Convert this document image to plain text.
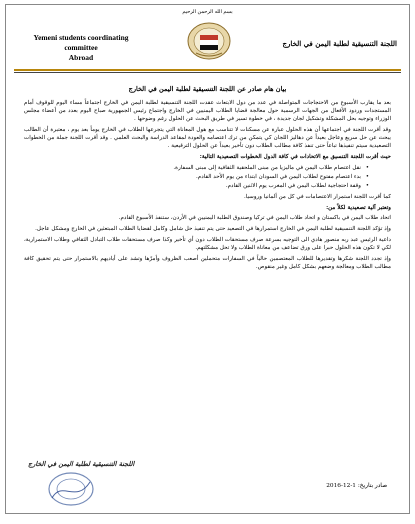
بسم الله الرحمن الرحيم
Yemeni students coordinating committee
Abroad
اللجنة التنسيقية لطلبة اليمن في الخارج
بيان هام صادر عن اللجنة التنسيقية لطلبة اليمن في الخارج

بعد ما يقارب الأسبوع من الاحتجاجات المتواصلة في عدد من دول الابتعاث عقدت اللجنة التنسيقية لطلبة اليمن في الخارج اجتماعاً مساء اليوم للوقوف أمام المستجدات وردود الأفعال من الجهات الرسمية حول معالجة قضايا الطلاب اليمنيين في الخارج واجتماع رئيس الجمهورية صباح اليوم بعدد من أعضاء مجلس الوزراء وتوجيه بحل المشكلة وتشكيل لجان جديدة ، في خطوة تسير في طريق البحث عن الحلول رغم وضوحها .

وقد أقرت اللجنة في اجتماعها أن هذه الحلول عبارة عن مسكنات لا تتناسب مع هول المعاناة التي يتجرعها الطلاب في الخارج يوماً بعد يوم ، معتبرة أن الطالب يبحث عن حل سريع وعاجل بعيداً عن دهاليز اللجان كي يتمكن من ترك اعتصامه والعودة لمقاعد الدراسة والبحث العلمي . وقد أقرت اللجنة جملة من الخطوات التصعيدية سيتم تنفيذها تباعاً حتى تنفذ كافة مطالب الطلاب دون تأخير بعيداً عن الحلول الترقيعية .

حيث أقرت اللجنة التنسيق مع الاتحادات في كافة الدول الخطوات التصعيدية التالية:

• نقل اعتصام طلاب اليمن في ماليزيا من مبنى الملحقية الثقافية إلى مبنى السفارة.
• بدء اعتصام مفتوح لطلاب اليمن في السودان ابتداء من يوم الأحد القادم.
• وقفة احتجاجية لطلاب اليمن في المغرب يوم الاثنين القادم.

كما أقرت اللجنة استمرار الاعتصامات في كل من ألمانيا وروسيا.

وتعتبر آلية تصعيدية لكلاً من:

اتحاد طلاب اليمن في باكستان و اتحاد طلاب اليمن في تركيا وصندوق الطلبة اليمنيين في الأردن، ستنفذ الأسبوع القادم.

وإذ تؤكد اللجنة التنسيقية لطلبة اليمن في الخارج استمرارها في التصعيد حتى يتم تنفيذ حل شامل وكامل لقضايا الطلاب المبتعثين في الخارج ومشكل عاجل.

داعية الرئيس عبد ربه منصور هادي الى التوجيه بسرعة صرف مستحقات الطلاب دون أي تأخير وكذا صرف مستحقات طلاب التبادل الثقافي وطلاب الاستمرارية، لكي لا تكون هذه الحلول حبرا على ورق تضاعف من معاناة الطلاب ولا تحل مشكلتهم.

وإذ تجدد اللجنة شكرها وتقديرها للطلاب المعتصمين حالياً في السفارات متحملين أصعب الظروف وأمرّها وتشد على أياديهم بالاستمرار حتى يتم تحقيق كافة مطالب الطلاب ومعالجة وضعهم بشكل كامل وغير منقوص.

اللجنة التنسيقية لطلبة اليمن في الخارج
صادر بتاريخ: 1-12-2016
